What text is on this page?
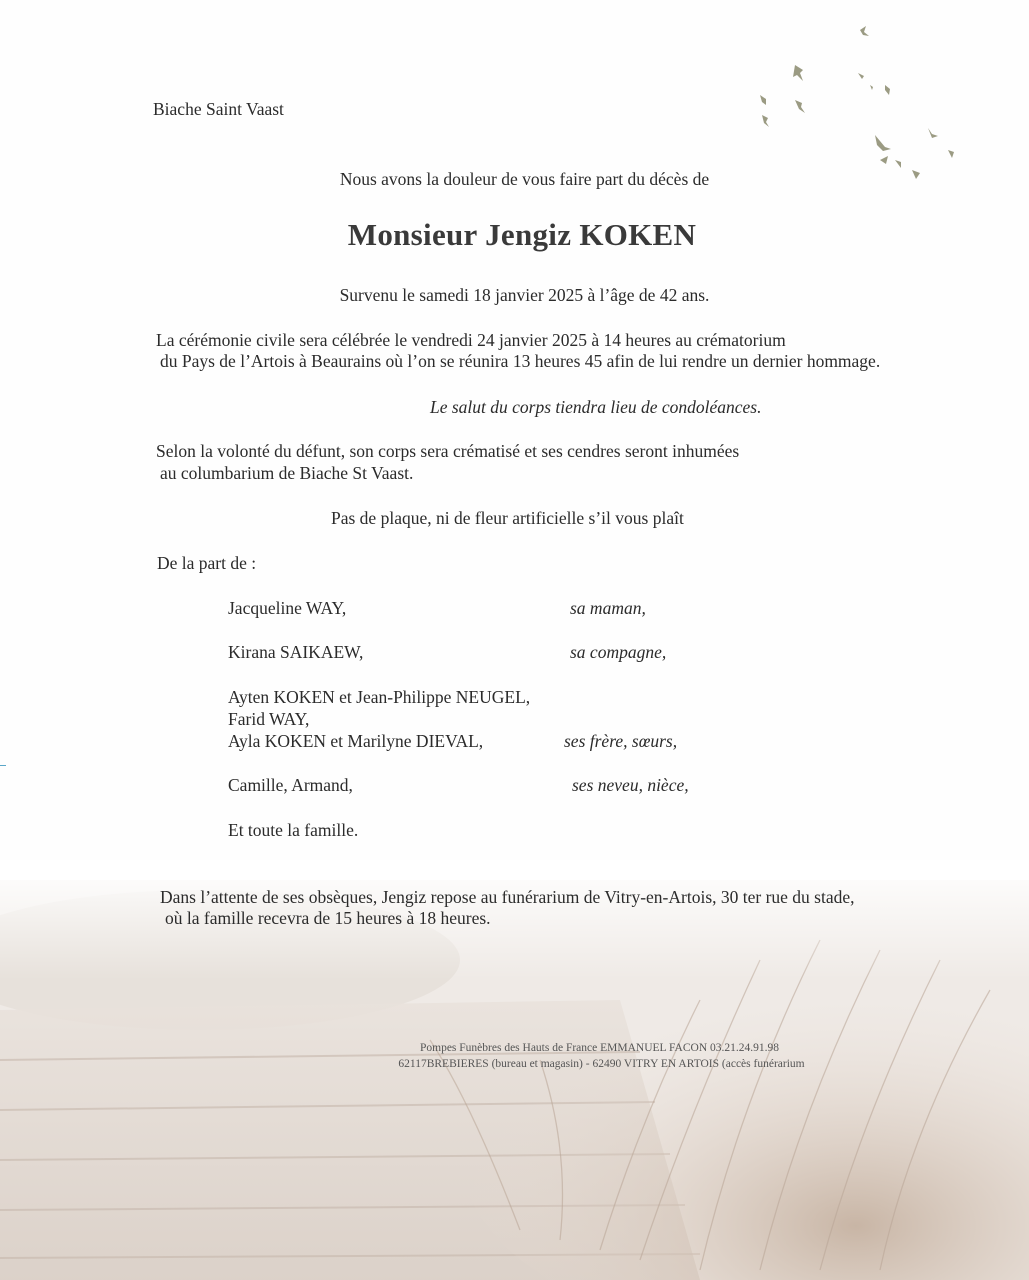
Biache Saint Vaast
Nous avons la douleur de vous faire part du décès de
Monsieur Jengiz KOKEN
Survenu le samedi 18 janvier 2025 à l’âge de 42 ans.
La cérémonie civile sera célébrée le vendredi 24 janvier 2025 à 14 heures au crématorium
du Pays de l’Artois à Beaurains où l’on se réunira 13 heures 45 afin de lui rendre un dernier hommage.
Le salut du corps tiendra lieu de condoléances.
Selon la volonté du défunt, son corps sera crématisé et ses cendres seront inhumées
au columbarium de Biache St Vaast.
Pas de plaque, ni de fleur artificielle s’il vous plaît
De la part de :
Jacqueline WAY,	sa maman,
Kirana SAIKAEW,	sa compagne,
Ayten KOKEN et Jean-Philippe NEUGEL,
Farid WAY,
Ayla KOKEN et Marilyne DIEVAL,	ses frère, sœurs,
Camille, Armand,	ses neveu, nièce,
Et toute la famille.
Dans l’attente de ses obsèques, Jengiz repose au funérarium de Vitry-en-Artois, 30 ter rue du stade,
où la famille recevra de 15 heures à 18 heures.
Pompes Funèbres des Hauts de France EMMANUEL FACON 03.21.24.91.98
62117BREBIERES (bureau et magasin) - 62490 VITRY EN ARTOIS (accès funérarium
